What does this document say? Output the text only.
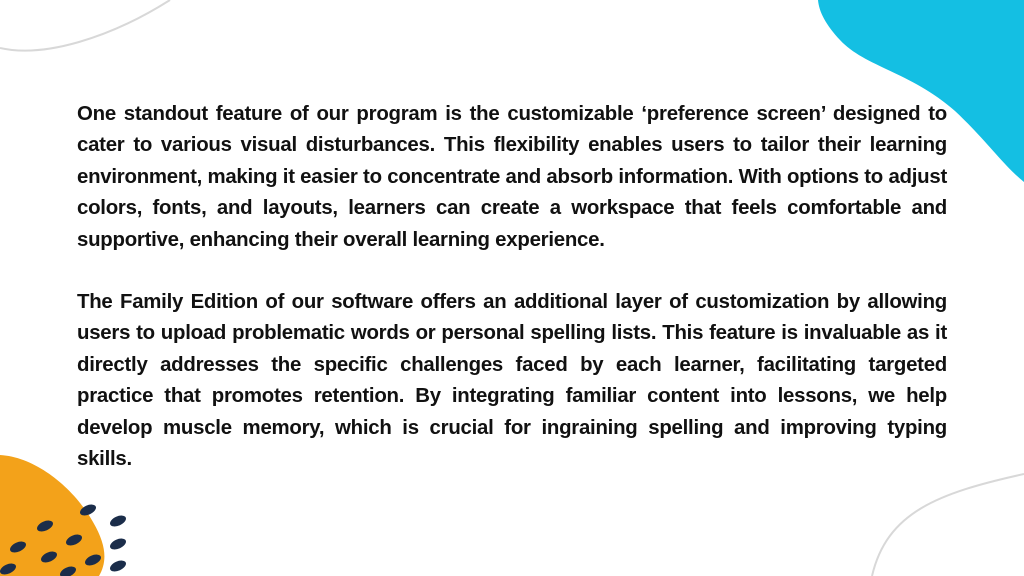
One standout feature of our program is the customizable ‘preference screen’ designed to cater to various visual disturbances. This flexibility enables users to tailor their learning environment, making it easier to concentrate and absorb information. With options to adjust colors, fonts, and layouts, learners can create a workspace that feels comfortable and supportive, enhancing their overall learning experience.

The Family Edition of our software offers an additional layer of customization by allowing users to upload problematic words or personal spelling lists. This feature is invaluable as it directly addresses the specific challenges faced by each learner, facilitating targeted practice that promotes retention. By integrating familiar content into lessons, we help develop muscle memory, which is crucial for ingraining spelling and improving typing skills.
